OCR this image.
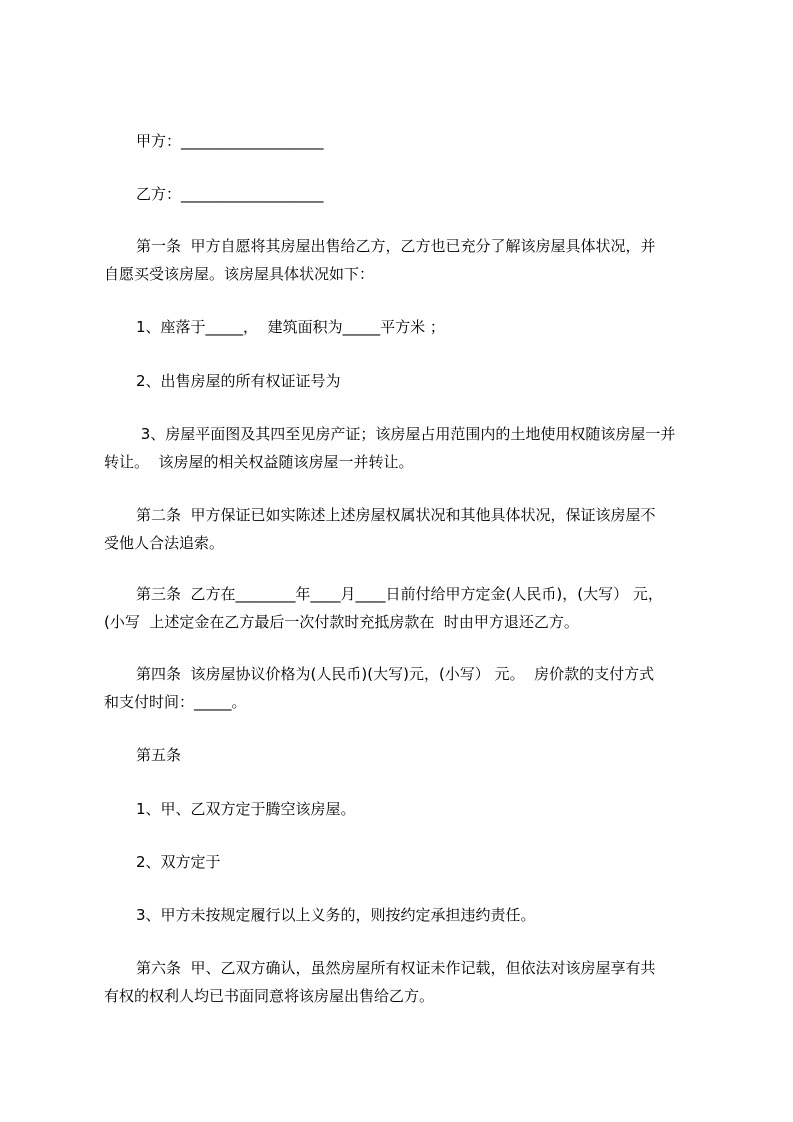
甲方：___________________
乙方：___________________
第一条  甲方自愿将其房屋出售给乙方，乙方也已充分了解该房屋具体状况，并
自愿买受该房屋。该房屋具体状况如下：
1、座落于_____，  建筑面积为_____平方米 ；
2、出售房屋的所有权证证号为
3、房屋平面图及其四至见房产证；该房屋占用范围内的土地使用权随该房屋一并
转让。  该房屋的相关权益随该房屋一并转让。
第二条  甲方保证已如实陈述上述房屋权属状况和其他具体状况，保证该房屋不
受他人合法追索。
第三条  乙方在________年____月____日前付给甲方定金(人民币)，(大写） 元，
(小写  上述定金在乙方最后一次付款时充抵房款在  时由甲方退还乙方。
第四条  该房屋协议价格为(人民币)(大写)元，(小写） 元。  房价款的支付方式
和支付时间：_____。
第五条
1、甲、乙双方定于腾空该房屋。
2、双方定于
3、甲方未按规定履行以上义务的，则按约定承担违约责任。
第六条  甲、乙双方确认，虽然房屋所有权证未作记载，但依法对该房屋享有共
有权的权利人均已书面同意将该房屋出售给乙方。
